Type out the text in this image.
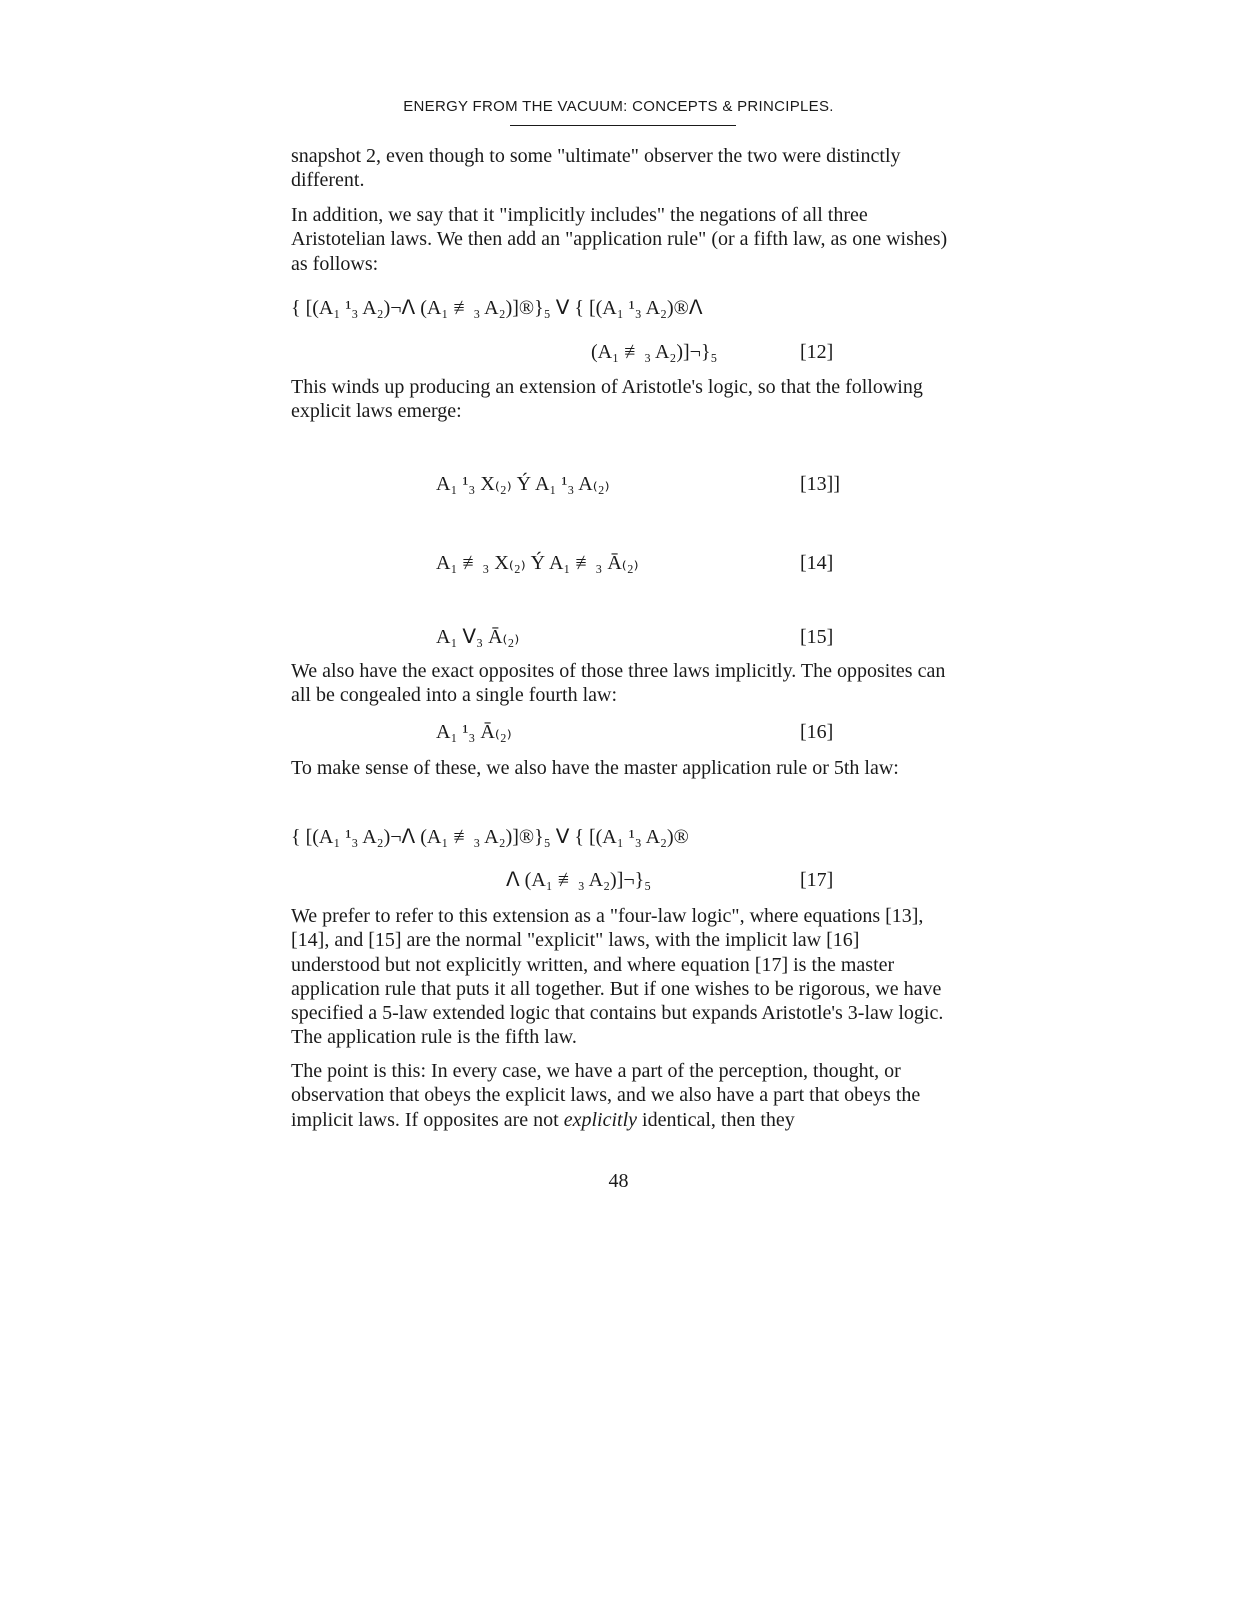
ENERGY FROM THE VACUUM: CONCEPTS & PRINCIPLES.

snapshot 2, even though to some "ultimate" observer the two were distinctly different.

In addition, we say that it "implicitly includes" the negations of all three Aristotelian laws. We then add an "application rule" (or a fifth law, as one wishes) as follows:

{ [(A₁ ¹₃ A₂)¬ᐱ (A₁ ≢₃ A₂)]®}₅ ᐯ { [(A₁ ¹₃ A₂)®ᐱ
(A₁ ≢₃ A₂)]¬}₅	[12]

This winds up producing an extension of Aristotle's logic, so that the following explicit laws emerge:

A₁ ¹₃ X₍₂₎ Ý A₁ ¹₃ A₍₂₎	[13]]
A₁ ≢₃ X₍₂₎ Ý A₁ ≢₃ Ā₍₂₎	[14]
A₁ ᐯ₃ Ā₍₂₎	[15]

We also have the exact opposites of those three laws implicitly. The opposites can all be congealed into a single fourth law:

A₁ ¹₃ Ā₍₂₎	[16]

To make sense of these, we also have the master application rule or 5th law:

{ [(A₁ ¹₃ A₂)¬ᐱ (A₁ ≢₃ A₂)]®}₅ ᐯ { [(A₁ ¹₃ A₂)®
ᐱ (A₁ ≢₃ A₂)]¬}₅	[17]

We prefer to refer to this extension as a "four-law logic", where equations [13], [14], and [15] are the normal "explicit" laws, with the implicit law [16] understood but not explicitly written, and where equation [17] is the master application rule that puts it all together. But if one wishes to be rigorous, we have specified a 5-law extended logic that contains but expands Aristotle's 3-law logic. The application rule is the fifth law.

The point is this: In every case, we have a part of the perception, thought, or observation that obeys the explicit laws, and we also have a part that obeys the implicit laws. If opposites are not explicitly identical, then they

48
